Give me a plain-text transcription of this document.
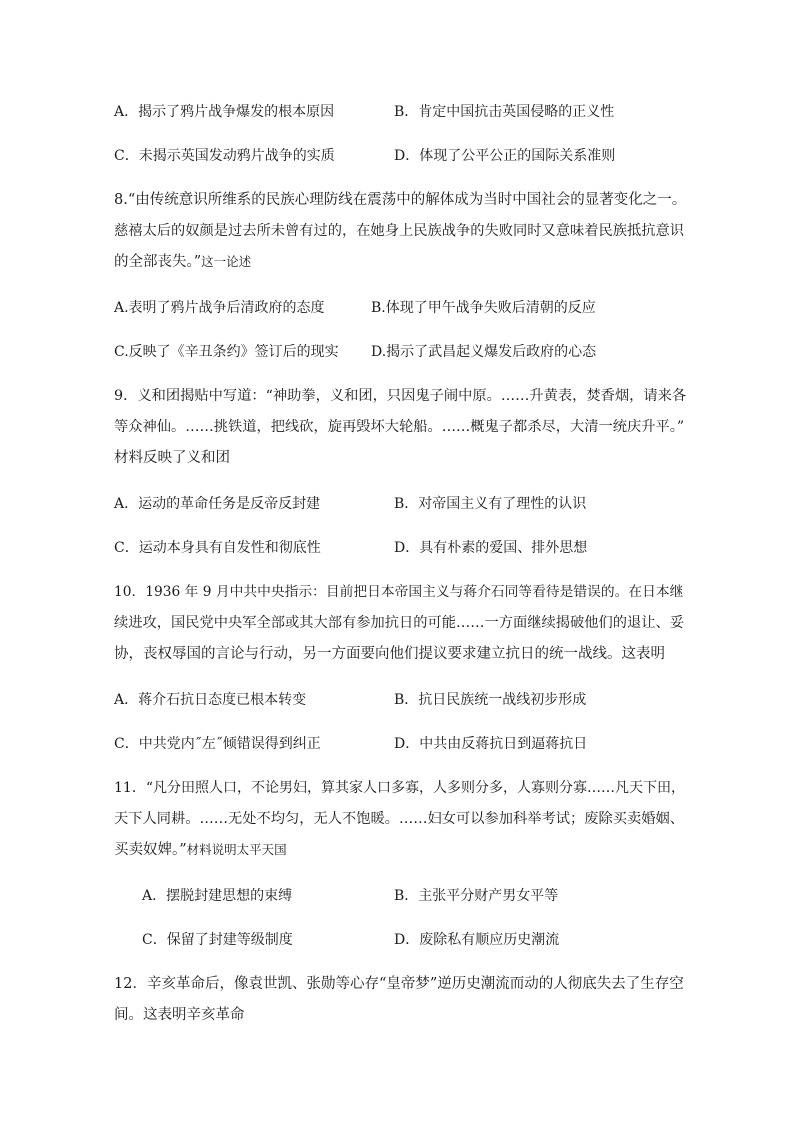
A．揭示了鸦片战争爆发的根本原因	B．肯定中国抗击英国侵略的正义性
C．未揭示英国发动鸦片战争的实质	D．体现了公平公正的国际关系准则
8.“由传统意识所维系的民族心理防线在震荡中的解体成为当时中国社会的显著变化之一。
慈禧太后的奴颜是过去所未曾有过的，在她身上民族战争的失败同时又意味着民族抵抗意识
的全部丧失。”这一论述
A.表明了鸦片战争后清政府的态度	B.体现了甲午战争失败后清朝的反应
C.反映了《辛丑条约》签订后的现实 D.揭示了武昌起义爆发后政府的心态
9．义和团揭贴中写道：“神助拳，义和团，只因鬼子闹中原。……升黄表，焚香烟，请来各
等众神仙。……挑铁道，把线砍，旋再毁坏大轮船。……概鬼子都杀尽，大清一统庆升平。”
材料反映了义和团
A．运动的革命任务是反帝反封建	B．对帝国主义有了理性的认识
C．运动本身具有自发性和彻底性	D．具有朴素的爱国、排外思想
10．1936 年 9 月中共中央指示：目前把日本帝国主义与蒋介石同等看待是错误的。在日本继
续进攻，国民党中央军全部或其大部有参加抗日的可能……一方面继续揭破他们的退让、妥
协，丧权辱国的言论与行动，另一方面要向他们提议要求建立抗日的统一战线。这表明
A．蒋介石抗日态度已根本转变	B．抗日民族统一战线初步形成
C．中共党内˝左˝倾错误得到纠正	D．中共由反蒋抗日到逼蒋抗日
11．“凡分田照人口，不论男妇，算其家人口多寡，人多则分多，人寡则分寡……凡天下田，
天下人同耕。……无处不均匀，无人不饱暖。……妇女可以参加科举考试；废除买卖婚姻、
买卖奴婢。”材料说明太平天国
A．摆脱封建思想的束缚	B．主张平分财产男女平等
C．保留了封建等级制度	D．废除私有顺应历史潮流
12．辛亥革命后，像袁世凯、张勋等心存“皇帝梦”逆历史潮流而动的人彻底失去了生存空
间。这表明辛亥革命
